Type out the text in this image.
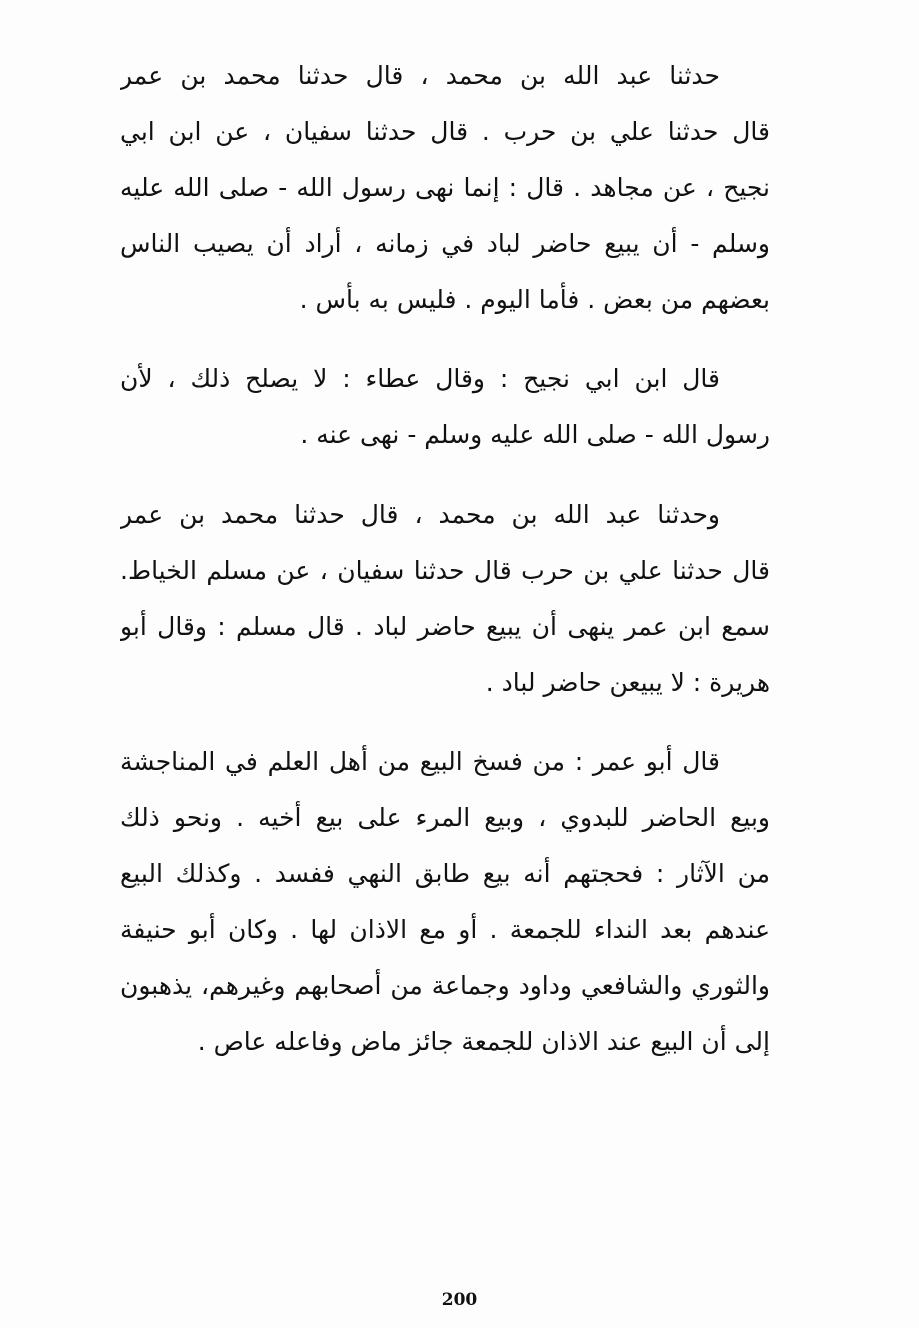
حدثنا عبد الله بن محمد ، قال حدثنا محمد بن عمر
قال حدثنا علي بن حرب . قال حدثنا سفيان ، عن ابن ابي
نجيح ، عن مجاهد . قال : إنما نهى رسول الله - صلى الله عليه
وسلم - أن يبيع حاضر لباد في زمانه ، أراد أن يصيب الناس
بعضهم من بعض . فأما اليوم . فليس به بأس .
قال ابن ابي نجيح : وقال عطاء : لا يصلح ذلك ، لأن
رسول الله - صلى الله عليه وسلم - نهى عنه .
وحدثنا عبد الله بن محمد ، قال حدثنا محمد بن عمر
قال حدثنا علي بن حرب قال حدثنا سفيان ، عن مسلم الخياط.
سمع ابن عمر ينهى أن يبيع حاضر لباد . قال مسلم : وقال أبو
هريرة : لا يبيعن حاضر لباد .
قال أبو عمر : من فسخ البيع من أهل العلم في المناجشة
وبيع الحاضر للبدوي ، وبيع المرء على بيع أخيه . ونحو ذلك
من الآثار : فحجتهم أنه بيع طابق النهي ففسد . وكذلك البيع
عندهم بعد النداء للجمعة . أو مع الاذان لها . وكان أبو حنيفة
والثوري والشافعي وداود وجماعة من أصحابهم وغيرهم، يذهبون
إلى أن البيع عند الاذان للجمعة جائز ماض وفاعله عاص .
200
